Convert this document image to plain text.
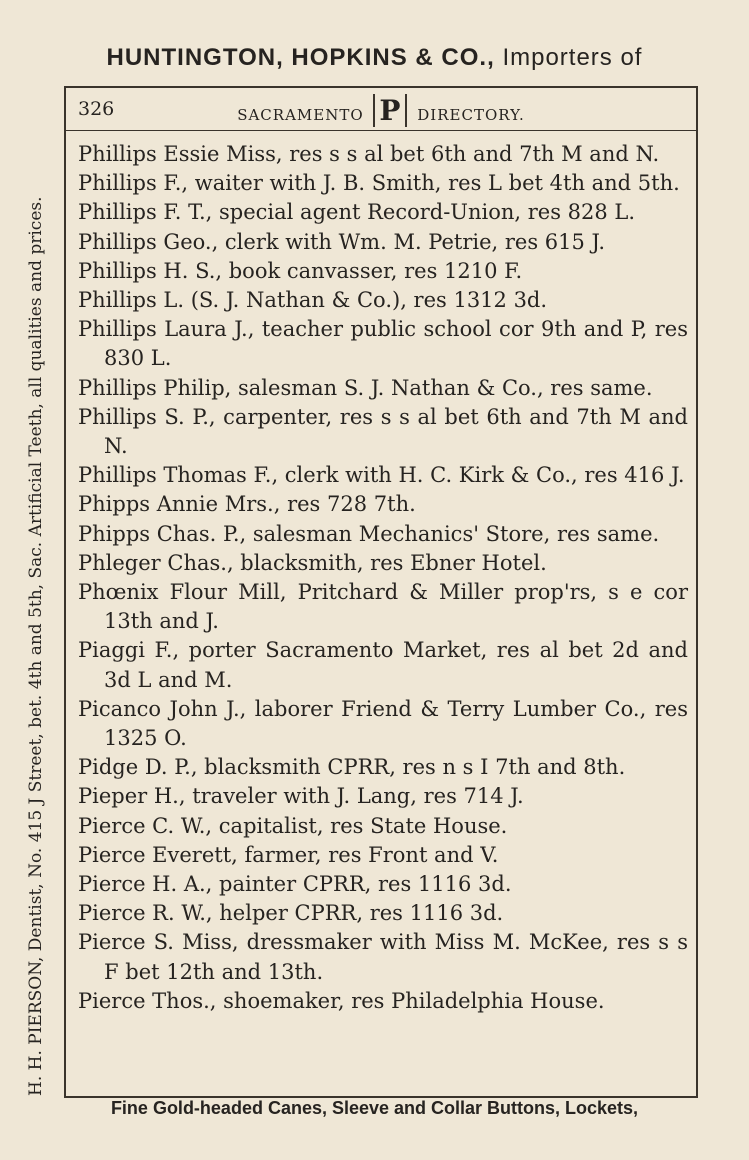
HUNTINGTON, HOPKINS & CO., Importers of
326	SACRAMENTO P DIRECTORY.
H. H. PIERSON, Dentist, No. 415 J Street, bet. 4th and 5th, Sac. Artificial Teeth, all qualities and prices.
Phillips Essie Miss, res s s al bet 6th and 7th M and N.
Phillips F., waiter with J. B. Smith, res L bet 4th and 5th.
Phillips F. T., special agent Record-Union, res 828 L.
Phillips Geo., clerk with Wm. M. Petrie, res 615 J.
Phillips H. S., book canvasser, res 1210 F.
Phillips L. (S. J. Nathan & Co.), res 1312 3d.
Phillips Laura J., teacher public school cor 9th and P, res 830 L.
Phillips Philip, salesman S. J. Nathan & Co., res same.
Phillips S. P., carpenter, res s s al bet 6th and 7th M and N.
Phillips Thomas F., clerk with H. C. Kirk & Co., res 416 J.
Phipps Annie Mrs., res 728 7th.
Phipps Chas. P., salesman Mechanics' Store, res same.
Phleger Chas., blacksmith, res Ebner Hotel.
Phœnix Flour Mill, Pritchard & Miller prop'rs, s e cor 13th and J.
Piaggi F., porter Sacramento Market, res al bet 2d and 3d L and M.
Picanco John J., laborer Friend & Terry Lumber Co., res 1325 O.
Pidge D. P., blacksmith CPRR, res n s I 7th and 8th.
Pieper H., traveler with J. Lang, res 714 J.
Pierce C. W., capitalist, res State House.
Pierce Everett, farmer, res Front and V.
Pierce H. A., painter CPRR, res 1116 3d.
Pierce R. W., helper CPRR, res 1116 3d.
Pierce S. Miss, dressmaker with Miss M. McKee, res s s F bet 12th and 13th.
Pierce Thos., shoemaker, res Philadelphia House.
Fine Gold-headed Canes, Sleeve and Collar Buttons, Lockets,
